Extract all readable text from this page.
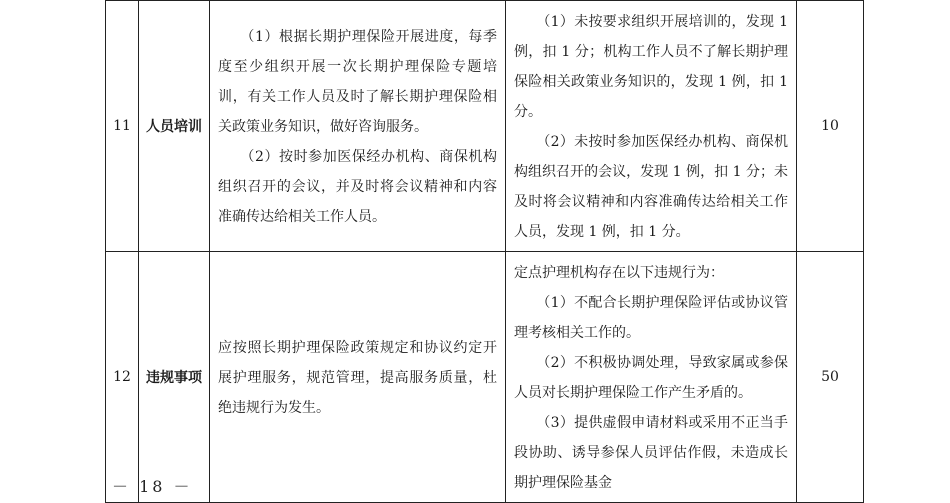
11	人员培训	（1）根据长期护理保险开展进度，每季度至少组织开展一次长期护理保险专题培训，有关工作人员及时了解长期护理保险相关政策业务知识，做好咨询服务。
（2）按时参加医保经办机构、商保机构组织召开的会议，并及时将会议精神和内容准确传达给相关工作人员。	（1）未按要求组织开展培训的，发现 1 例，扣 1 分；机构工作人员不了解长期护理保险相关政策业务知识的，发现 1 例，扣 1 分。
（2）未按时参加医保经办机构、商保机构组织召开的会议，发现 1 例，扣 1 分；未及时将会议精神和内容准确传达给相关工作人员，发现 1 例，扣 1 分。	10
12	违规事项	应按照长期护理保险政策规定和协议约定开展护理服务，规范管理，提高服务质量，杜绝违规行为发生。	定点护理机构存在以下违规行为：
（1）不配合长期护理保险评估或协议管理考核相关工作的。
（2）不积极协调处理，导致家属或参保人员对长期护理保险工作产生矛盾的。
（3）提供虚假申请材料或采用不正当手段协助、诱导参保人员评估作假，未造成长期护理保险基金	50
－ 18 －
